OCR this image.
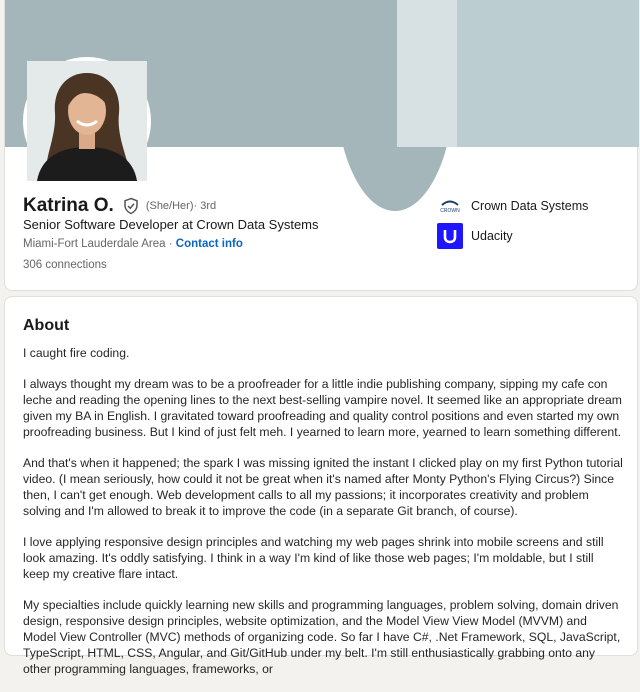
Katrina O.	(She/Her) · 3rd
Senior Software Developer at Crown Data Systems
Miami-Fort Lauderdale Area · Contact info
306 connections
CROWN Crown Data Systems
Udacity
About

I caught fire coding.

I always thought my dream was to be a proofreader for a little indie publishing company, sipping my cafe con leche and reading the opening lines to the next best-selling vampire novel. It seemed like an appropriate dream given my BA in English. I gravitated toward proofreading and quality control positions and even started my own proofreading business. But I kind of just felt meh. I yearned to learn more, yearned to learn something different.

And that's when it happened; the spark I was missing ignited the instant I clicked play on my first Python tutorial video. (I mean seriously, how could it not be great when it's named after Monty Python's Flying Circus?) Since then, I can't get enough. Web development calls to all my passions; it incorporates creativity and problem solving and I'm allowed to break it to improve the code (in a separate Git branch, of course).

I love applying responsive design principles and watching my web pages shrink into mobile screens and still look amazing. It's oddly satisfying. I think in a way I'm kind of like those web pages; I'm moldable, but I still keep my creative flare intact.

My specialties include quickly learning new skills and programming languages, problem solving, domain driven design, responsive design principles, website optimization, and the Model View View Model (MVVM) and Model View Controller (MVC) methods of organizing code. So far I have C#, .Net Framework, SQL, JavaScript, TypeScript, HTML, CSS, Angular, and Git/GitHub under my belt. I'm still enthusiastically grabbing onto any other programming languages, frameworks, or
